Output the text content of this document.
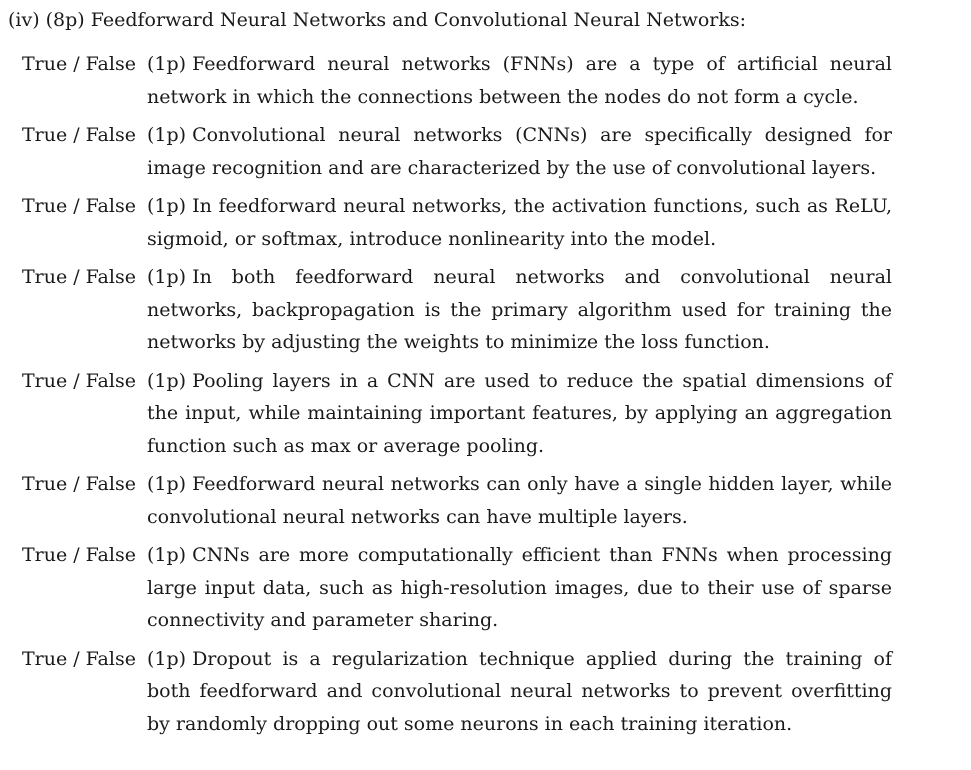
(iv) (8p) Feedforward Neural Networks and Convolutional Neural Networks:
True / False (1p) Feedforward neural networks (FNNs) are a type of artificial neural network in which the connections between the nodes do not form a cycle.
True / False (1p) Convolutional neural networks (CNNs) are specifically designed for image recognition and are characterized by the use of convolutional layers.
True / False (1p) In feedforward neural networks, the activation functions, such as ReLU, sigmoid, or softmax, introduce nonlinearity into the model.
True / False (1p) In both feedforward neural networks and convolutional neural networks, backpropagation is the primary algorithm used for training the networks by adjusting the weights to minimize the loss function.
True / False (1p) Pooling layers in a CNN are used to reduce the spatial dimensions of the input, while maintaining important features, by applying an aggregation function such as max or average pooling.
True / False (1p) Feedforward neural networks can only have a single hidden layer, while convolutional neural networks can have multiple layers.
True / False (1p) CNNs are more computationally efficient than FNNs when processing large input data, such as high-resolution images, due to their use of sparse connectivity and parameter sharing.
True / False (1p) Dropout is a regularization technique applied during the training of both feedforward and convolutional neural networks to prevent overfitting by randomly dropping out some neurons in each training iteration.
